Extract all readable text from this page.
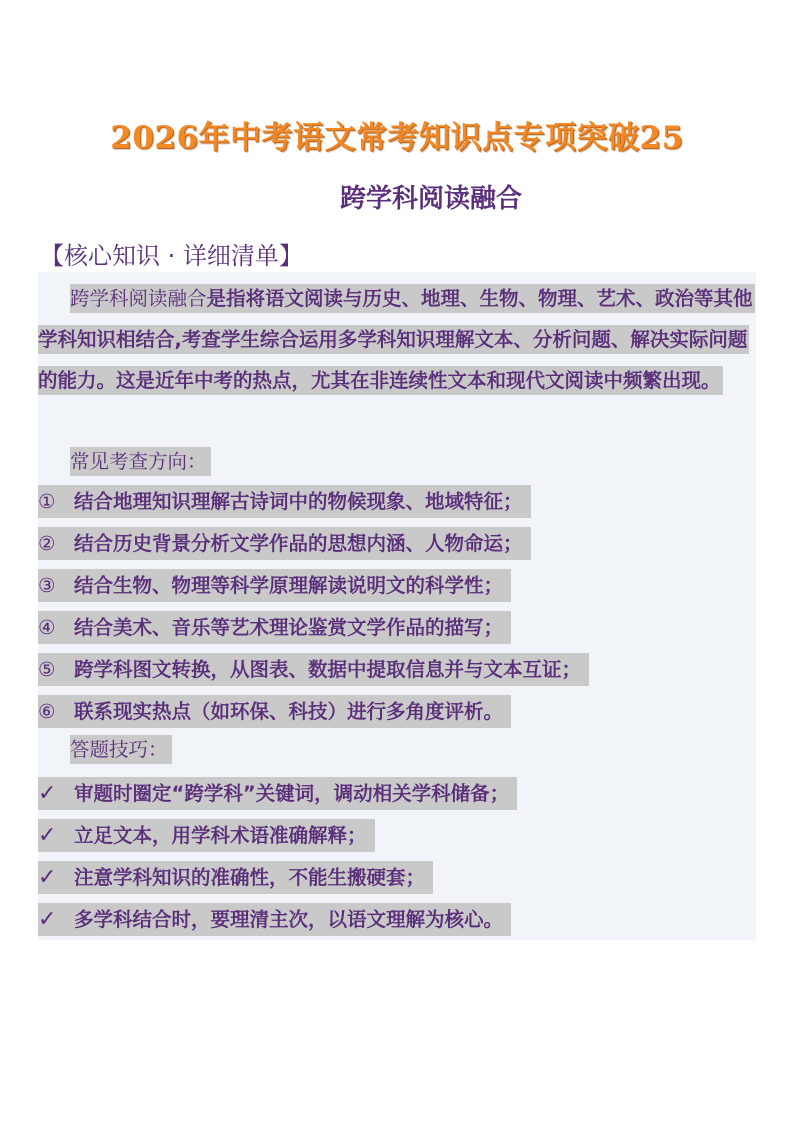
2026年中考语文常考知识点专项突破25
跨学科阅读融合
【核心知识 · 详细清单】
跨学科阅读融合是指将语文阅读与历史、地理、生物、物理、艺术、政治等其他学科知识相结合,考查学生综合运用多学科知识理解文本、分析问题、解决实际问题的能力。这是近年中考的热点，尤其在非连续性文本和现代文阅读中频繁出现。
常见考查方向：
① 结合地理知识理解古诗词中的物候现象、地域特征；
② 结合历史背景分析文学作品的思想内涵、人物命运；
③ 结合生物、物理等科学原理解读说明文的科学性；
④ 结合美术、音乐等艺术理论鉴赏文学作品的描写；
⑤ 跨学科图文转换，从图表、数据中提取信息并与文本互证；
⑥ 联系现实热点（如环保、科技）进行多角度评析。
答题技巧：
✓ 审题时圈定“跨学科”关键词，调动相关学科储备；
✓ 立足文本，用学科术语准确解释；
✓ 注意学科知识的准确性，不能生搬硬套；
✓ 多学科结合时，要理清主次，以语文理解为核心。
